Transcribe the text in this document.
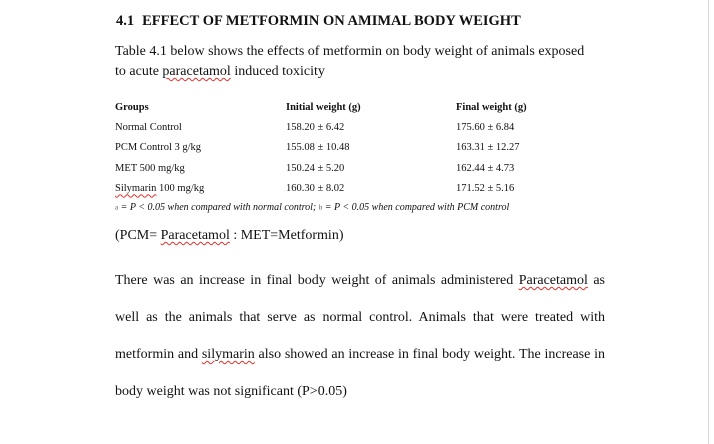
4.1 EFFECT OF METFORMIN ON AMIMAL BODY WEIGHT
Table 4.1 below shows the effects of metformin on body weight of animals exposed
to acute paracetamol induced toxicity
Groups	Initial weight (g)	Final weight (g)
Normal Control	158.20 ± 6.42	175.60 ± 6.84
PCM Control 3 g/kg	155.08 ± 10.48	163.31 ± 12.27
MET 500 mg/kg	150.24 ± 5.20	162.44 ± 4.73
Silymarin 100 mg/kg	160.30 ± 8.02	171.52 ± 5.16
a = P < 0.05 when compared with normal control; b = P < 0.05 when compared with PCM control
(PCM= Paracetamol : MET=Metformin)
There was an increase in final body weight of animals administered Paracetamol as well as the animals that serve as normal control. Animals that were treated with metformin and silymarin also showed an increase in final body weight. The increase in body weight was not significant (P>0.05)
